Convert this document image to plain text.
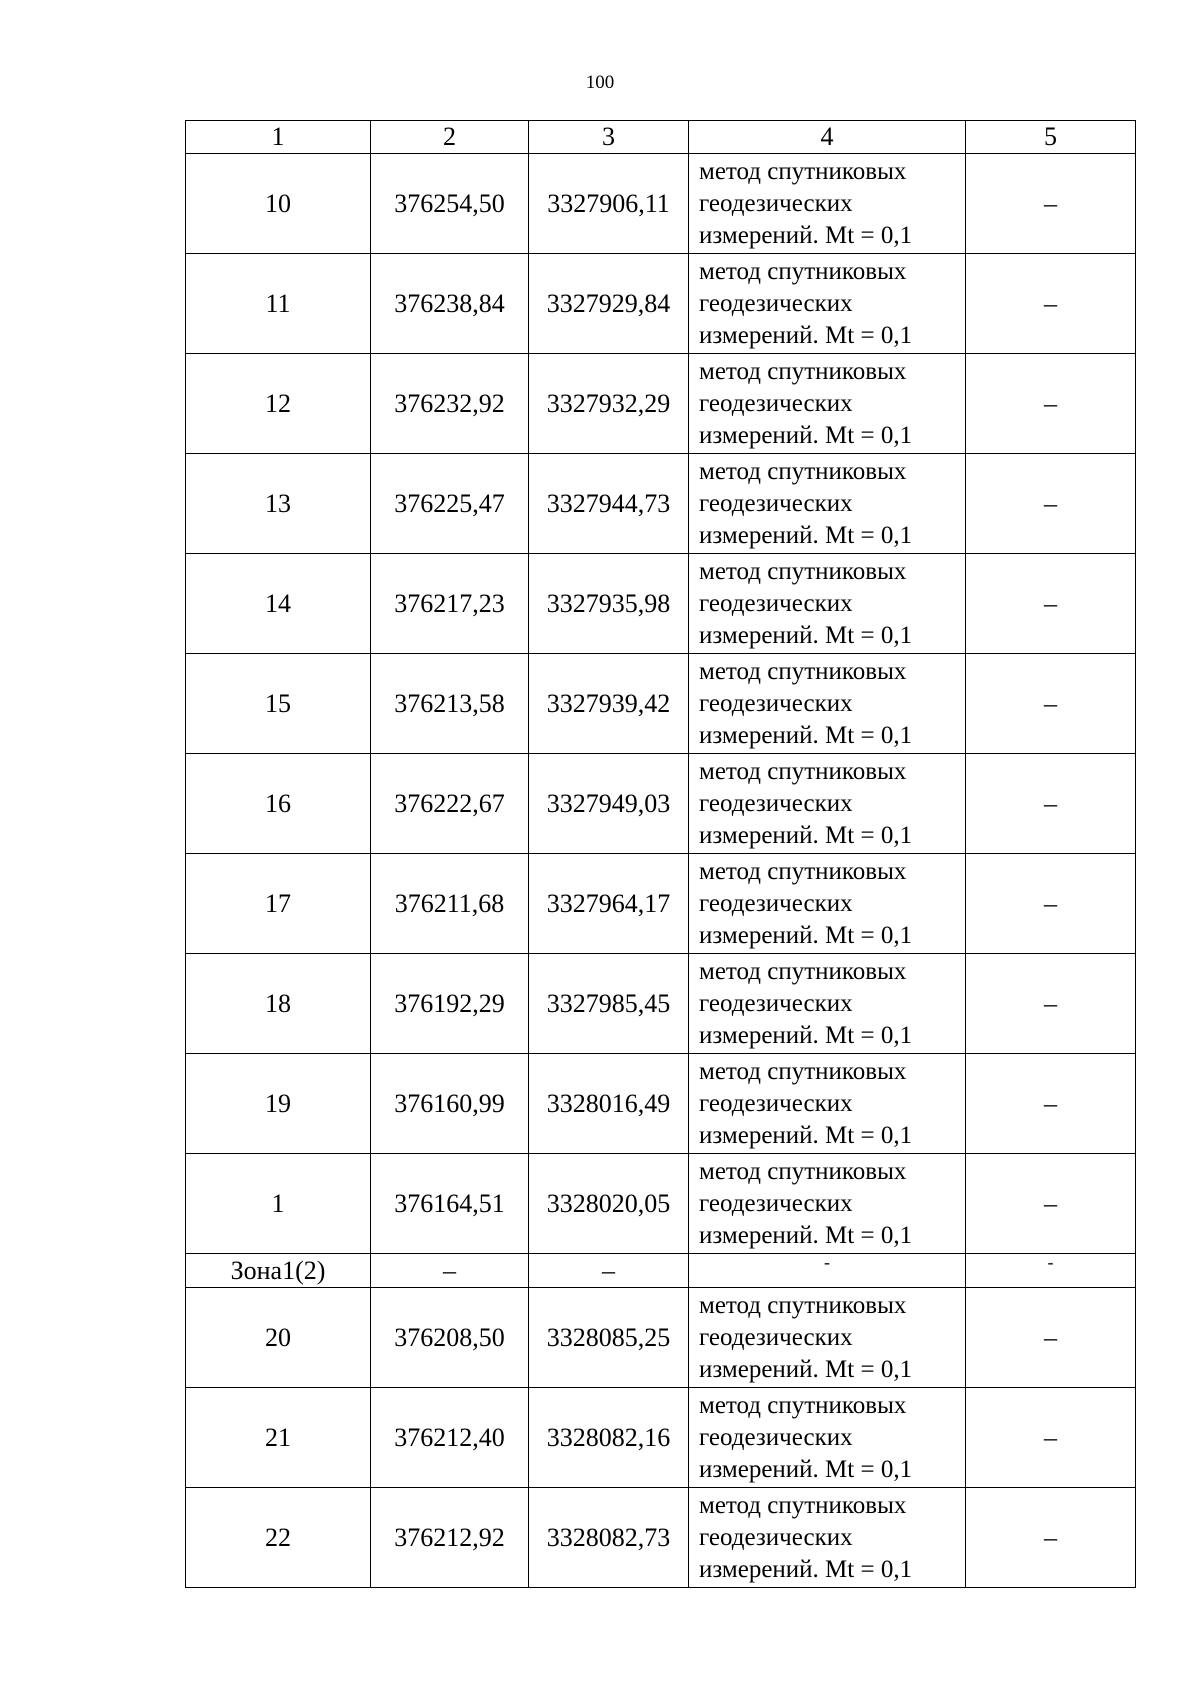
100
1	2	3	4	5
10	376254,50	3327906,11	метод спутниковых
геодезических
измерений. Mt = 0,1	–
11	376238,84	3327929,84	метод спутниковых
геодезических
измерений. Mt = 0,1	–
12	376232,92	3327932,29	метод спутниковых
геодезических
измерений. Mt = 0,1	–
13	376225,47	3327944,73	метод спутниковых
геодезических
измерений. Mt = 0,1	–
14	376217,23	3327935,98	метод спутниковых
геодезических
измерений. Mt = 0,1	–
15	376213,58	3327939,42	метод спутниковых
геодезических
измерений. Mt = 0,1	–
16	376222,67	3327949,03	метод спутниковых
геодезических
измерений. Mt = 0,1	–
17	376211,68	3327964,17	метод спутниковых
геодезических
измерений. Mt = 0,1	–
18	376192,29	3327985,45	метод спутниковых
геодезических
измерений. Mt = 0,1	–
19	376160,99	3328016,49	метод спутниковых
геодезических
измерений. Mt = 0,1	–
1	376164,51	3328020,05	метод спутниковых
геодезических
измерений. Mt = 0,1	–
Зона1(2)	–	–	-	-
20	376208,50	3328085,25	метод спутниковых
геодезических
измерений. Mt = 0,1	–
21	376212,40	3328082,16	метод спутниковых
геодезических
измерений. Mt = 0,1	–
22	376212,92	3328082,73	метод спутниковых
геодезических
измерений. Mt = 0,1	–
